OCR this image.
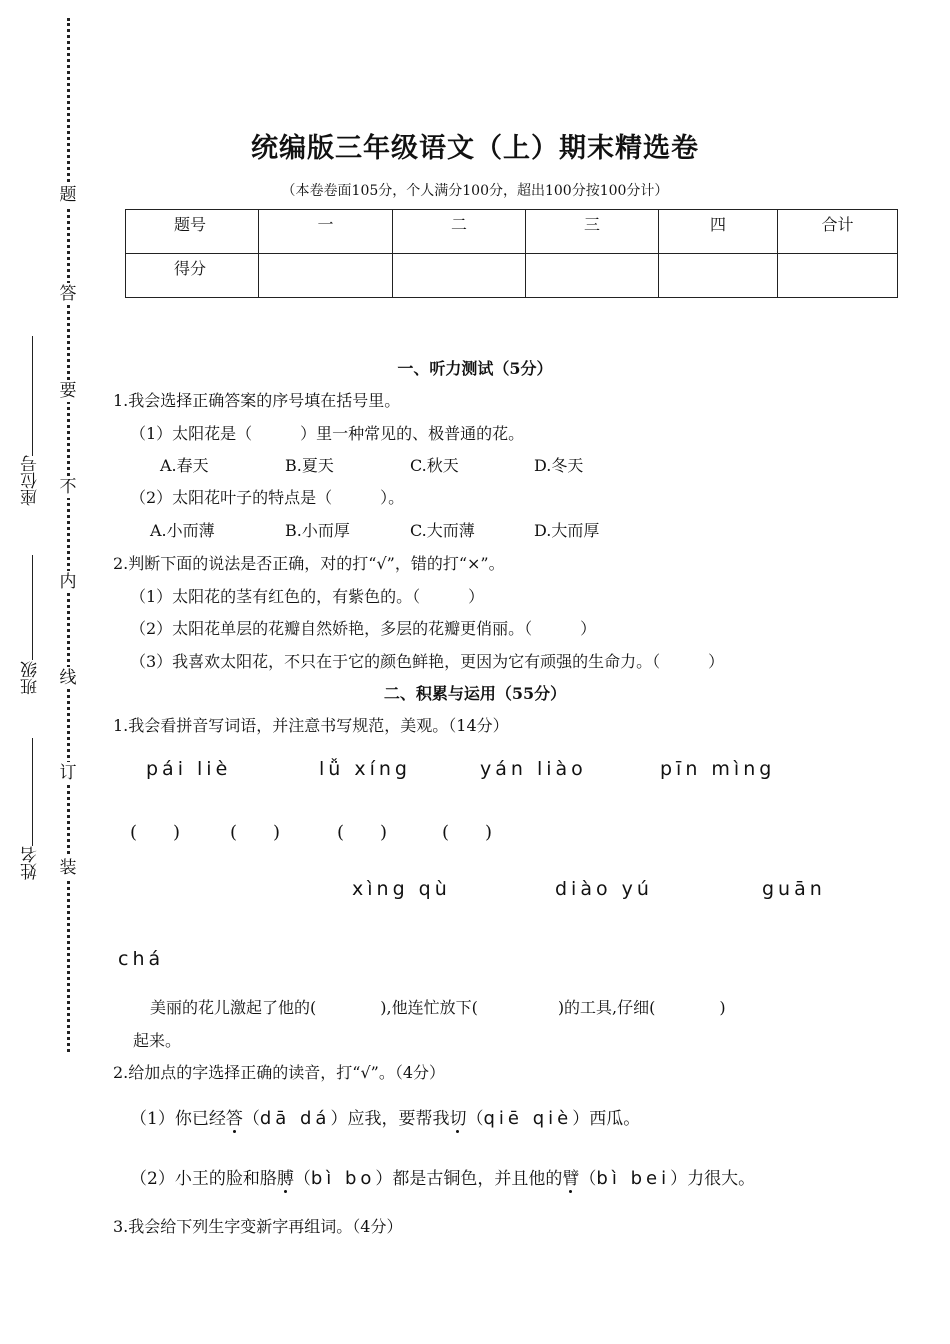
题
答
要
不
内
线
订
装
座位号
班级
姓名
统编版三年级语文（上）期末精选卷
（本卷卷面105分，个人满分100分，超出100分按100分计）
题号	一	二	三	四	合计
得分					
一、听力测试（5分）
1.我会选择正确答案的序号填在括号里。
（1）太阳花是（　　　）里一种常见的、极普通的花。
A.春天	B.夏天	C.秋天	D.冬天
（2）太阳花叶子的特点是（　　　）。
A.小而薄	B.小而厚	C.大而薄	D.大而厚
2.判断下面的说法是否正确，对的打“√”，错的打“×”。
（1）太阳花的茎有红色的，有紫色的。（　　　）
（2）太阳花单层的花瓣自然娇艳，多层的花瓣更俏丽。（　　　）
（3）我喜欢太阳花，不只在于它的颜色鲜艳，更因为它有顽强的生命力。（　　　）
二、积累与运用（55分）
1.我会看拼音写词语，并注意书写规范，美观。（14分）
pái liè	lǚ xíng	yán liào	pīn mìng
(　　)	(　　)	(　　)	(　　)
xìng qù	diào yú	guān
chá
美丽的花儿激起了他的(　　　　),他连忙放下(　　　　　)的工具,仔细(　　　　)
起来。
2.给加点的字选择正确的读音，打“√”。（4分）
（1）你已经答（dā dá）应我，要帮我切（qiē qiè）西瓜。
（2）小王的脸和胳膊（bì bo）都是古铜色，并且他的臂（bì bei）力很大。
3.我会给下列生字变新字再组词。（4分）
